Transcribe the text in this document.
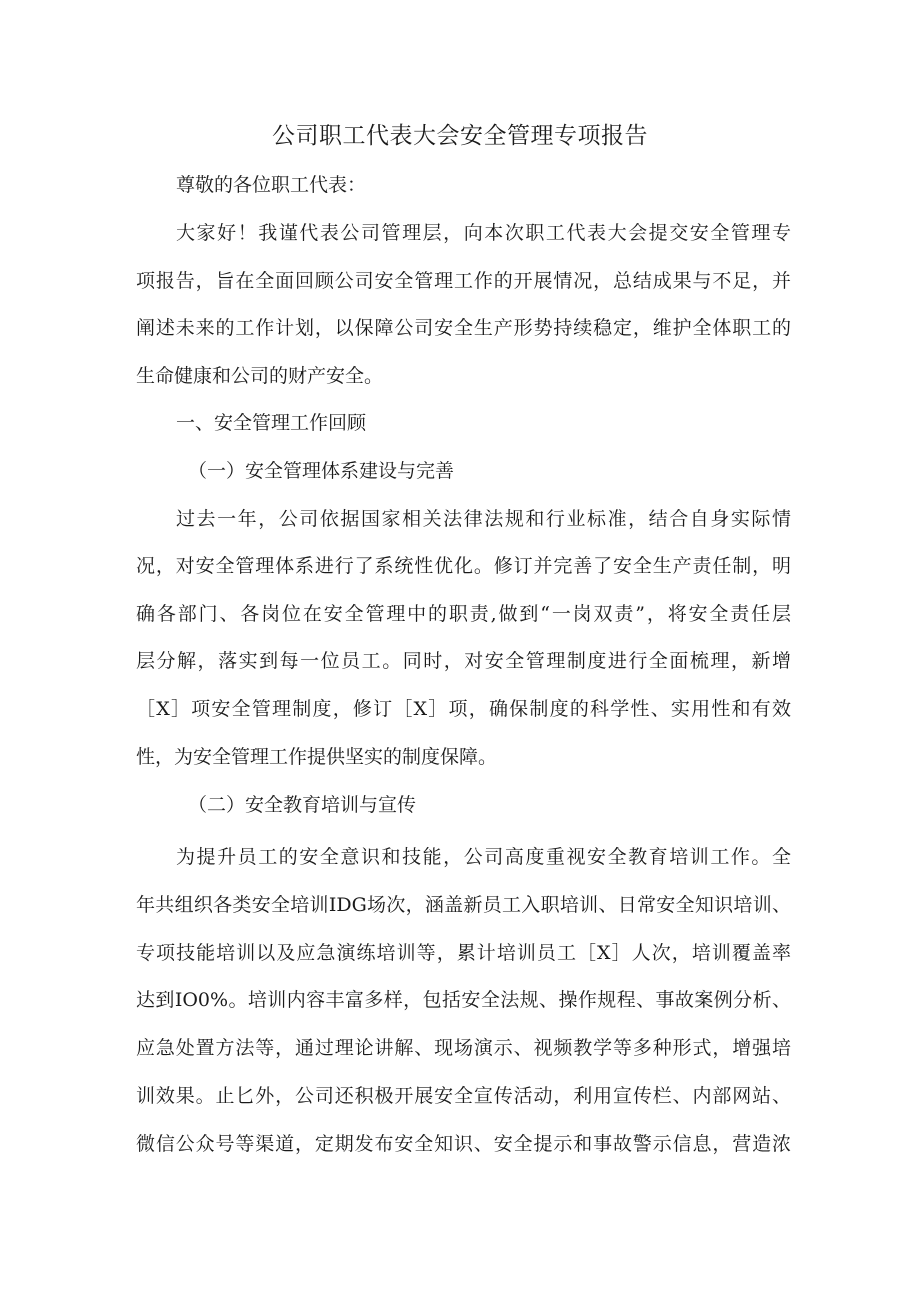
公司职工代表大会安全管理专项报告

尊敬的各位职工代表：

大家好！我谨代表公司管理层，向本次职工代表大会提交安全管理专

项报告，旨在全面回顾公司安全管理工作的开展情况，总结成果与不足，并

阐述未来的工作计划，以保障公司安全生产形势持续稳定，维护全体职工的

生命健康和公司的财产安全。

一、安全管理工作回顾

（一）安全管理体系建设与完善

过去一年，公司依据国家相关法律法规和行业标准，结合自身实际情

况，对安全管理体系进行了系统性优化。修订并完善了安全生产责任制，明

确各部门、各岗位在安全管理中的职责,做到“一岗双责”，将安全责任层

层分解，落实到每一位员工。同时，对安全管理制度进行全面梳理，新增

［X］项安全管理制度，修订［X］项，确保制度的科学性、实用性和有效

性，为安全管理工作提供坚实的制度保障。

（二）安全教育培训与宣传

为提升员工的安全意识和技能，公司高度重视安全教育培训工作。全

年共组织各类安全培训IDG场次，涵盖新员工入职培训、日常安全知识培训、

专项技能培训以及应急演练培训等，累计培训员工［X］人次，培训覆盖率

达到IO0%。培训内容丰富多样，包括安全法规、操作规程、事故案例分析、

应急处置方法等，通过理论讲解、现场演示、视频教学等多种形式，增强培

训效果。止匕外，公司还积极开展安全宣传活动，利用宣传栏、内部网站、

微信公众号等渠道，定期发布安全知识、安全提示和事故警示信息，营造浓
